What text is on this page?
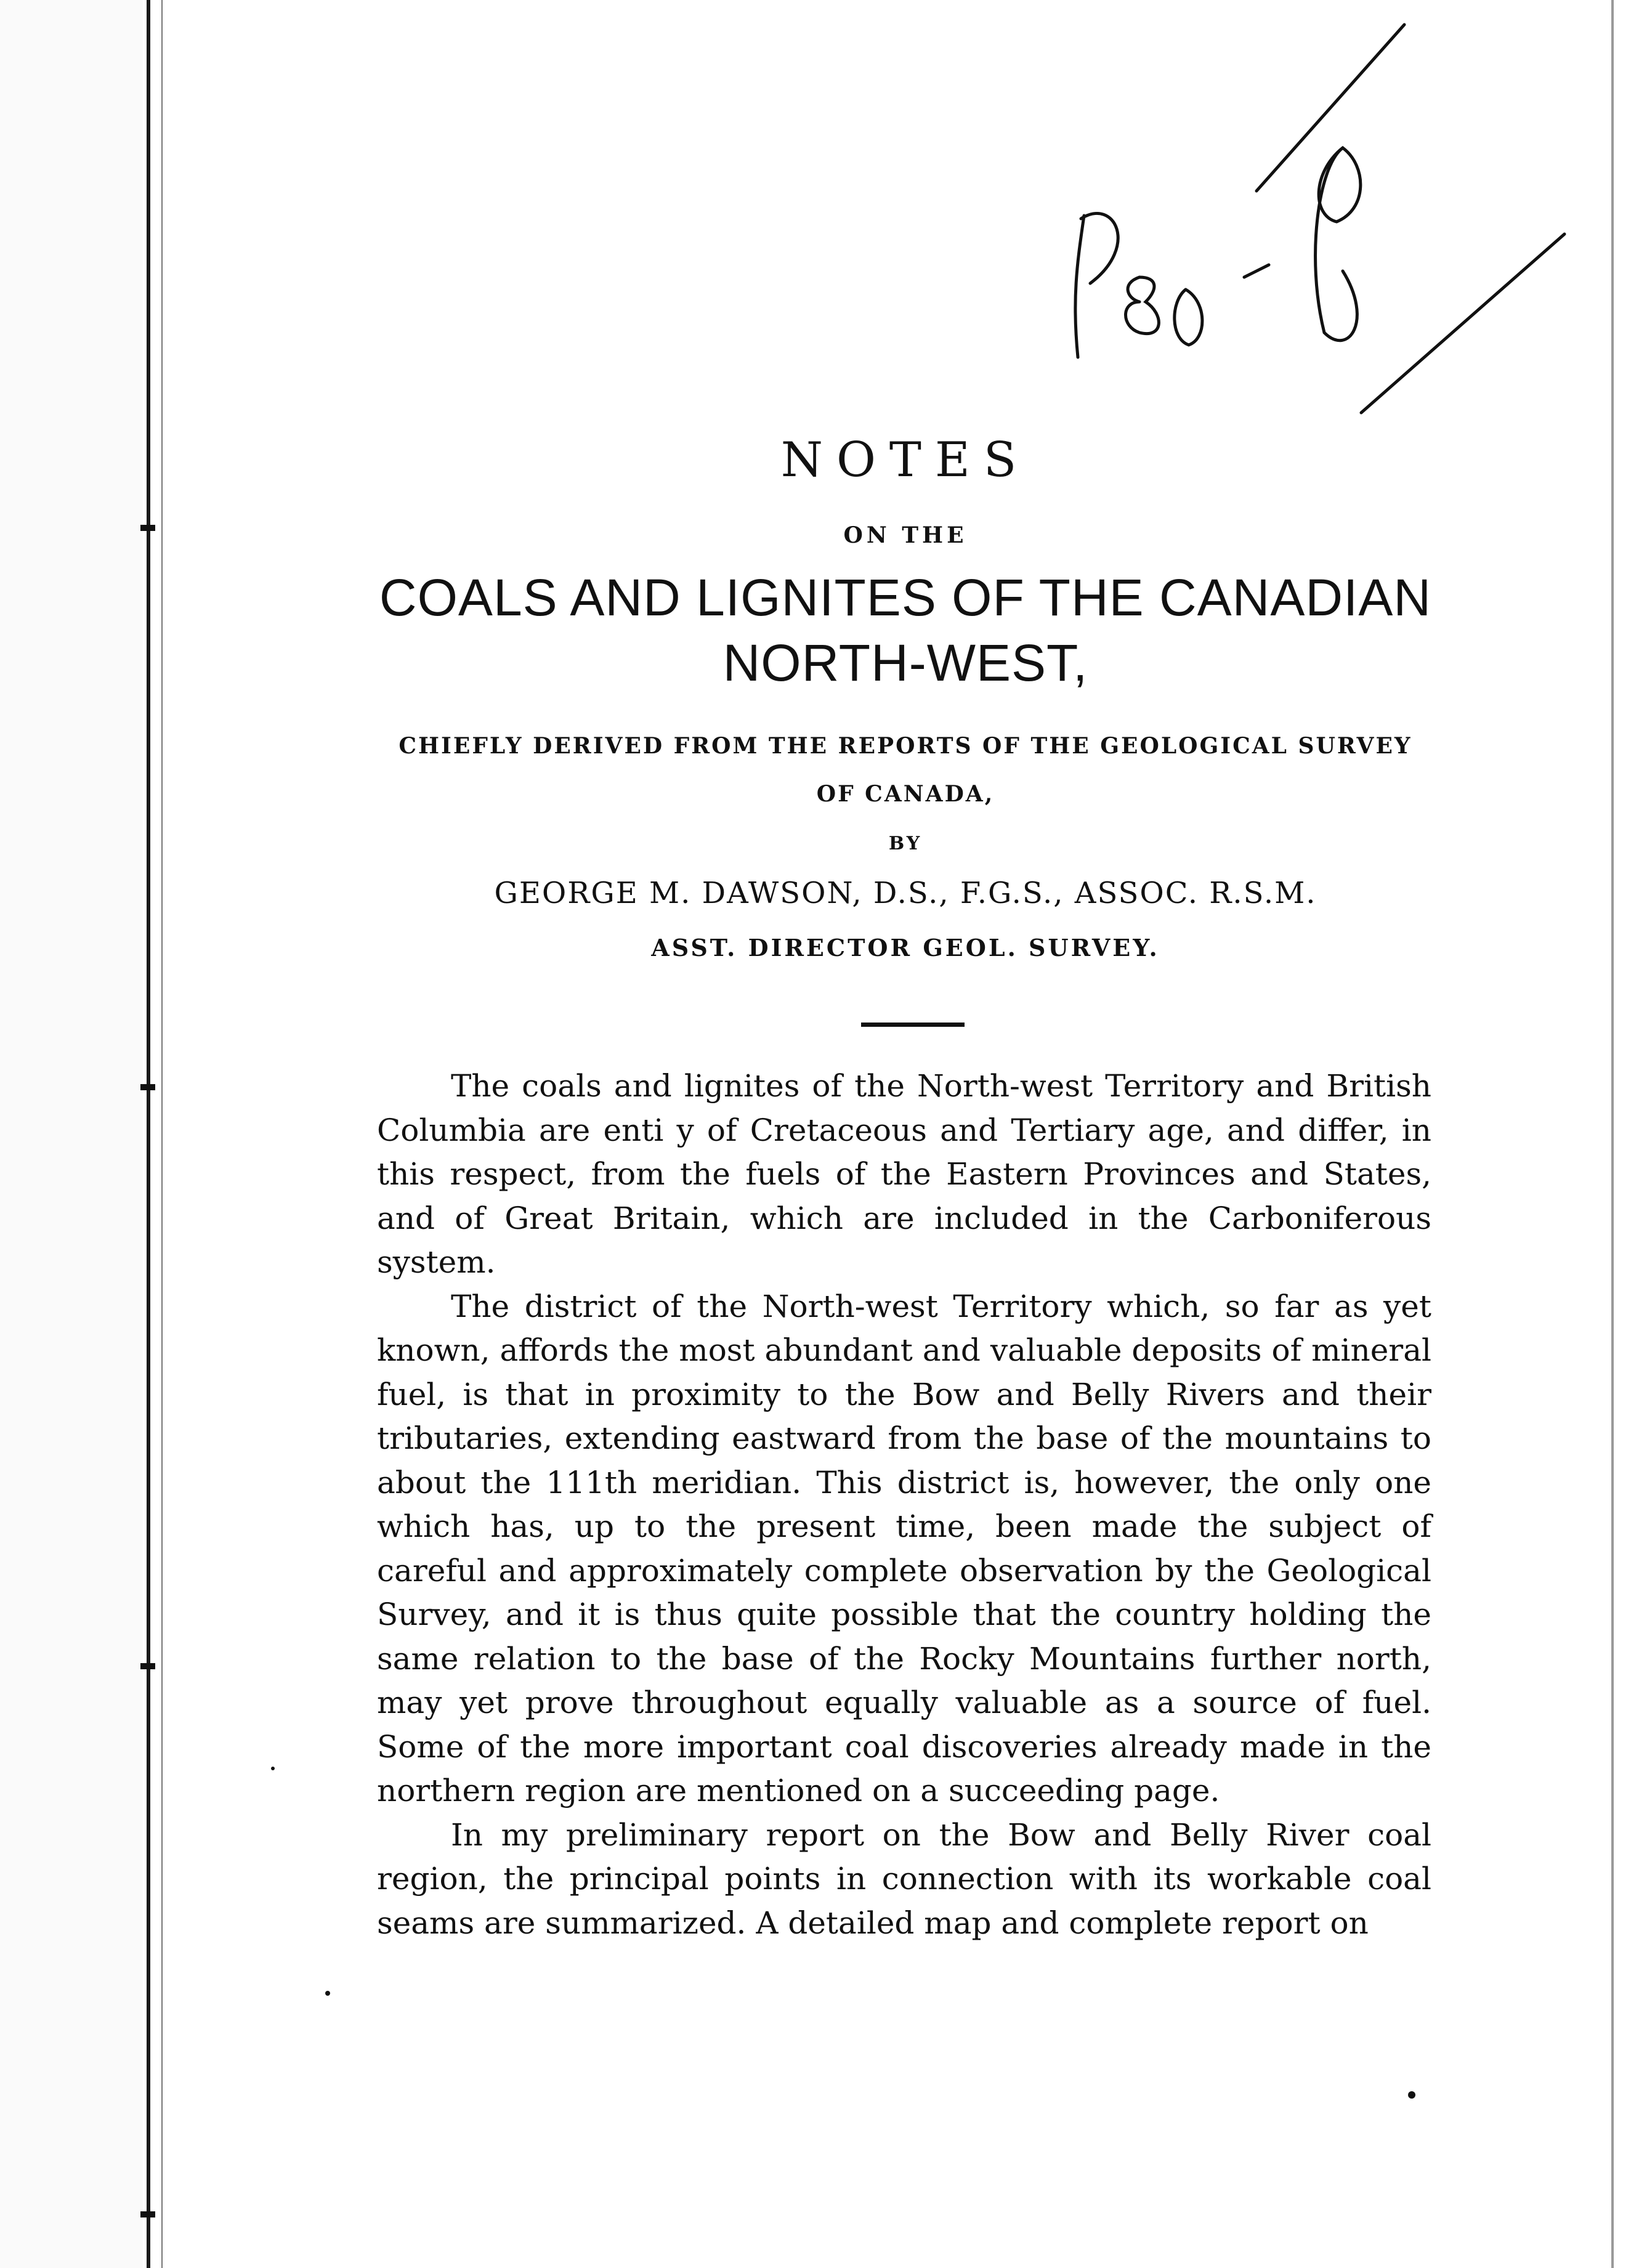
NOTES
ON THE
COALS AND LIGNITES OF THE CANADIAN
NORTH-WEST,
CHIEFLY DERIVED FROM THE REPORTS OF THE GEOLOGICAL SURVEY
OF CANADA,
BY
GEORGE M. DAWSON, D.S., F.G.S., ASSOC. R.S.M.
ASST. DIRECTOR GEOL. SURVEY.

The coals and lignites of the North-west Territory and British Columbia are enti y of Cretaceous and Tertiary age, and differ, in this respect, from the fuels of the Eastern Provinces and States, and of Great Britain, which are included in the Carboniferous system.

The district of the North-west Territory which, so far as yet known, affords the most abundant and valuable deposits of mineral fuel, is that in proximity to the Bow and Belly Rivers and their tributaries, extending eastward from the base of the mountains to about the 111th meridian. This district is, however, the only one which has, up to the present time, been made the subject of careful and approximately complete observation by the Geological Survey, and it is thus quite possible that the country holding the same relation to the base of the Rocky Mountains further north, may yet prove throughout equally valuable as a source of fuel. Some of the more important coal discoveries already made in the northern region are mentioned on a succeeding page.

In my preliminary report on the Bow and Belly River coal region, the principal points in connection with its workable coal seams are summarized. A detailed map and complete report on
